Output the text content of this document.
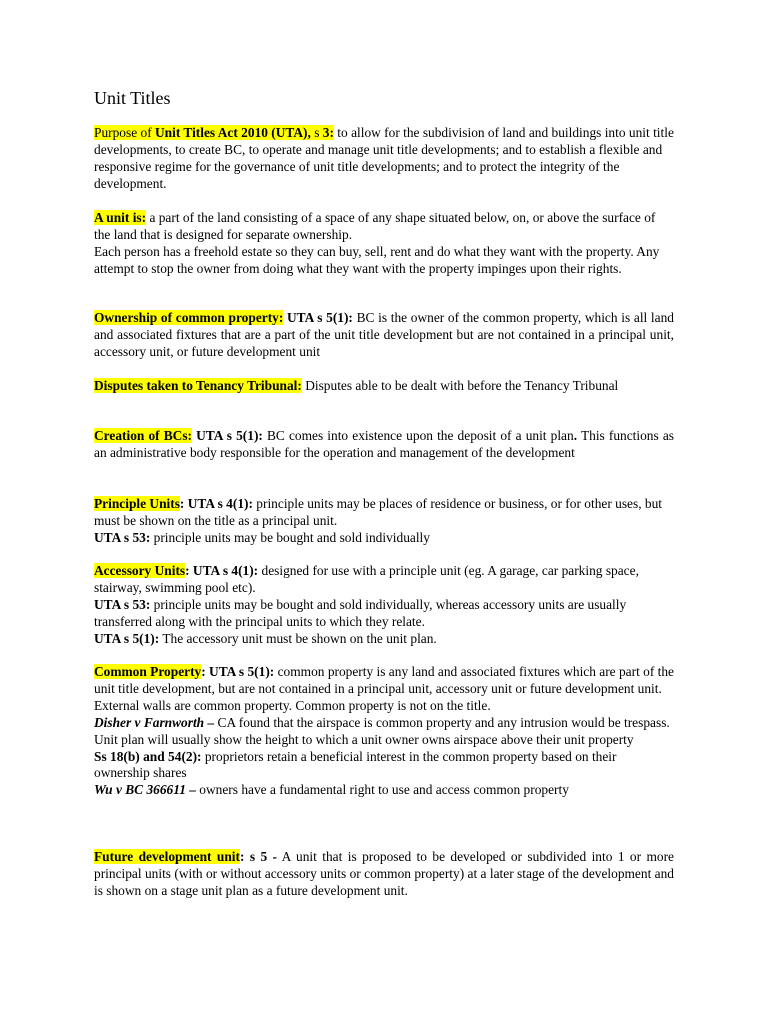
Unit Titles

Purpose of Unit Titles Act 2010 (UTA), s 3: to allow for the subdivision of land and buildings into unit title developments, to create BC, to operate and manage unit title developments; and to establish a flexible and responsive regime for the governance of unit title developments; and to protect the integrity of the development.

A unit is: a part of the land consisting of a space of any shape situated below, on, or above the surface of the land that is designed for separate ownership.
Each person has a freehold estate so they can buy, sell, rent and do what they want with the property. Any attempt to stop the owner from doing what they want with the property impinges upon their rights.

Ownership of common property: UTA s 5(1): BC is the owner of the common property, which is all land and associated fixtures that are a part of the unit title development but are not contained in a principal unit, accessory unit, or future development unit

Disputes taken to Tenancy Tribunal: Disputes able to be dealt with before the Tenancy Tribunal

Creation of BCs: UTA s 5(1): BC comes into existence upon the deposit of a unit plan. This functions as an administrative body responsible for the operation and management of the development

Principle Units: UTA s 4(1): principle units may be places of residence or business, or for other uses, but must be shown on the title as a principal unit.
UTA s 53: principle units may be bought and sold individually

Accessory Units: UTA s 4(1): designed for use with a principle unit (eg. A garage, car parking space, stairway, swimming pool etc).
UTA s 53: principle units may be bought and sold individually, whereas accessory units are usually transferred along with the principal units to which they relate.
UTA s 5(1): The accessory unit must be shown on the unit plan.

Common Property: UTA s 5(1): common property is any land and associated fixtures which are part of the unit title development, but are not contained in a principal unit, accessory unit or future development unit. External walls are common property. Common property is not on the title.
Disher v Farnworth – CA found that the airspace is common property and any intrusion would be trespass. Unit plan will usually show the height to which a unit owner owns airspace above their unit property
Ss 18(b) and 54(2): proprietors retain a beneficial interest in the common property based on their ownership shares
Wu v BC 366611 – owners have a fundamental right to use and access common property

Future development unit: s 5 - A unit that is proposed to be developed or subdivided into 1 or more principal units (with or without accessory units or common property) at a later stage of the development and is shown on a stage unit plan as a future development unit.
